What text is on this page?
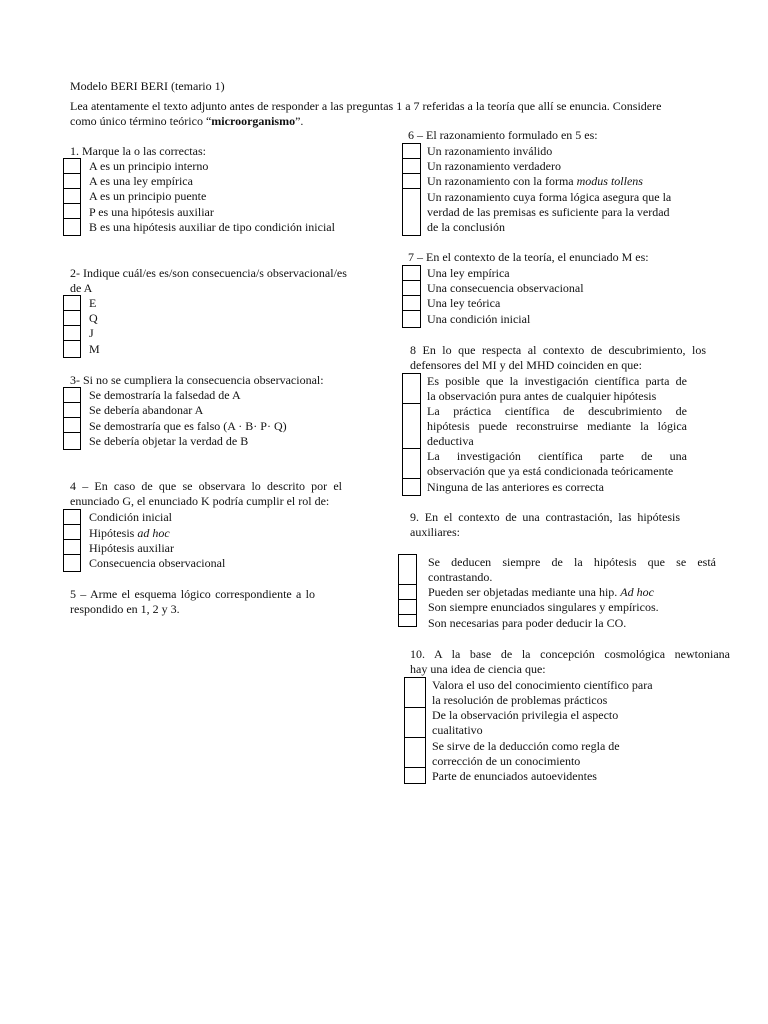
Modelo BERI BERI (temario 1)
Lea atentamente el texto adjunto antes de responder a las preguntas 1 a 7 referidas a la teoría que allí se enuncia. Considere
como único término teórico “microorganismo”.
1. Marque la o las correctas:
A es un principio interno
A es una ley empírica
A es un principio puente
P es una hipótesis auxiliar
B es una hipótesis auxiliar de tipo condición inicial
2- Indique cuál/es es/son consecuencia/s observacional/es
de A
E
Q
J
M
3- Si no se cumpliera la consecuencia observacional:
Se demostraría la falsedad de A
Se debería abandonar A
Se demostraría que es falso (A · B· P· Q)
Se debería objetar la verdad de B
4 – En caso de que se observara lo descrito por el
enunciado G, el enunciado K podría cumplir el rol de:
Condición inicial
Hipótesis ad hoc
Hipótesis auxiliar
Consecuencia observacional
5 – Arme el esquema lógico correspondiente a lo
respondido en 1, 2 y 3.
6 – El razonamiento formulado en 5 es:
Un razonamiento inválido
Un razonamiento verdadero
Un razonamiento con la forma modus tollens
Un razonamiento cuya forma lógica asegura que la
verdad de las premisas es suficiente para la verdad
de la conclusión
7 – En el contexto de la teoría, el enunciado M es:
Una ley empírica
Una consecuencia observacional
Una ley teórica
Una condición inicial
8 En lo que respecta al contexto de descubrimiento, los
defensores del MI y del MHD coinciden en que:
Es posible que la investigación científica parta de
la observación pura antes de cualquier hipótesis
La práctica científica de descubrimiento de
hipótesis puede reconstruirse mediante la lógica
deductiva
La investigación científica parte de una
observación que ya está condicionada teóricamente
Ninguna de las anteriores es correcta
9. En el contexto de una contrastación, las hipótesis
auxiliares:
Se deducen siempre de la hipótesis que se está
contrastando.
Pueden ser objetadas mediante una hip. Ad hoc
Son siempre enunciados singulares y empíricos.
Son necesarias para poder deducir la CO.
10. A la base de la concepción cosmológica newtoniana
hay una idea de ciencia que:
Valora el uso del conocimiento científico para
la resolución de problemas prácticos
De la observación privilegia el aspecto
cualitativo
Se sirve de la deducción como regla de
corrección de un conocimiento
Parte de enunciados autoevidentes
